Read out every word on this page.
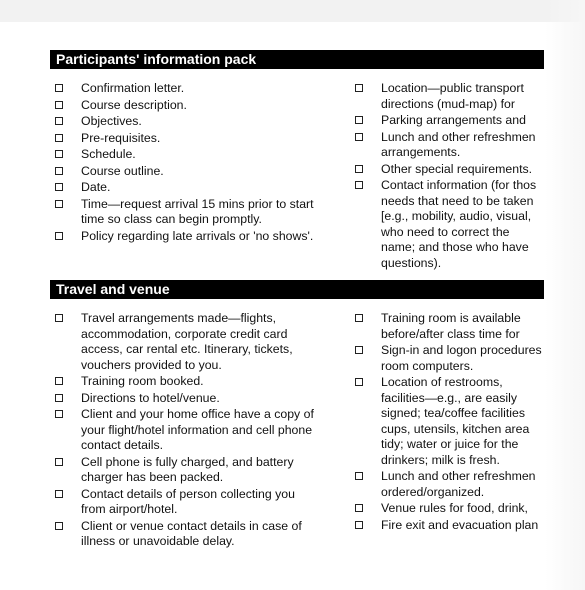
Participants' information pack
Confirmation letter.
Course description.
Objectives.
Pre-requisites.
Schedule.
Course outline.
Date.
Time—request arrival 15 mins prior to start time so class can begin promptly.
Policy regarding late arrivals or 'no shows'.
Location—public transport directions (mud-map) for
Parking arrangements and
Lunch and other refreshmen arrangements.
Other special requirements.
Contact information (for thos needs that need to be taken [e.g., mobility, audio, visual, who need to correct the name; and those who have questions).
Travel and venue
Travel arrangements made—flights, accommodation, corporate credit card access, car rental etc. Itinerary, tickets, vouchers provided to you.
Training room booked.
Directions to hotel/venue.
Client and your home office have a copy of your flight/hotel information and cell phone contact details.
Cell phone is fully charged, and battery charger has been packed.
Contact details of person collecting you from airport/hotel.
Client or venue contact details in case of illness or unavoidable delay.
Training room is available before/after class time for
Sign-in and logon procedures room computers.
Location of restrooms, facilities—e.g., are easily signed; tea/coffee facilities cups, utensils, kitchen area tidy; water or juice for the drinkers; milk is fresh.
Lunch and other refreshmen ordered/organized.
Venue rules for food, drink,
Fire exit and evacuation plan
